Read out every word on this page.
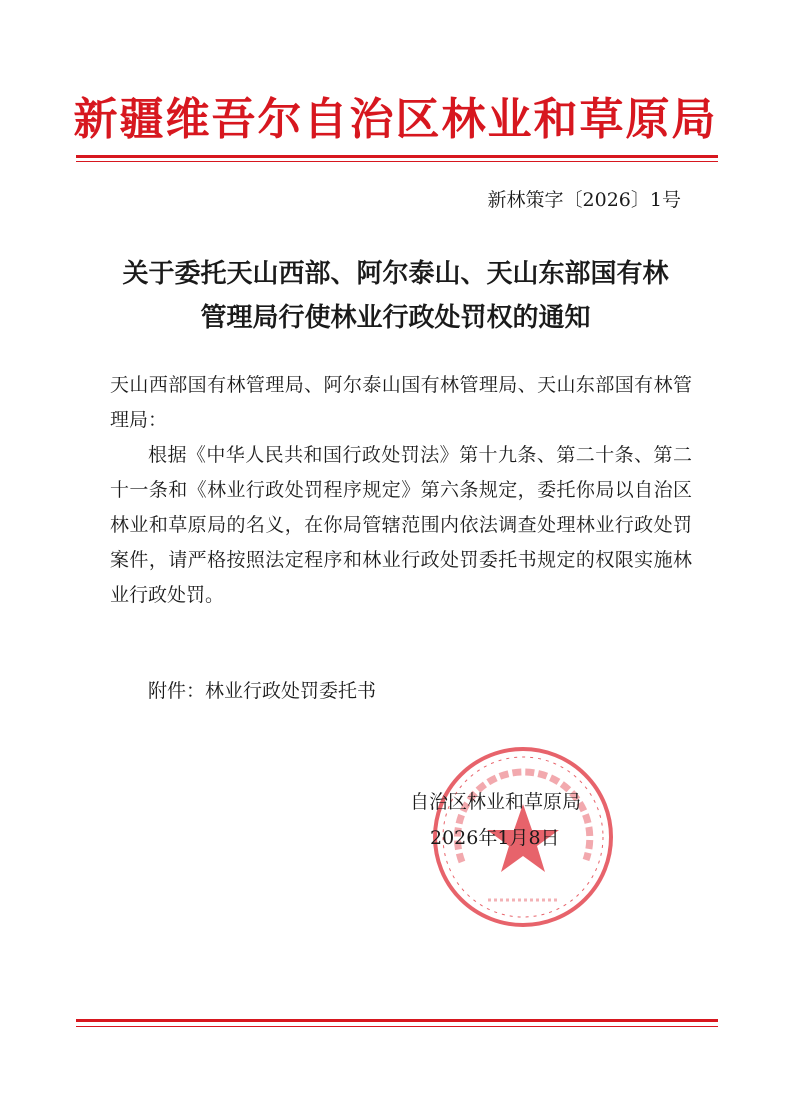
新疆维吾尔自治区林业和草原局
新林策字〔2026〕1号
关于委托天山西部、阿尔泰山、天山东部国有林
管理局行使林业行政处罚权的通知

天山西部国有林管理局、阿尔泰山国有林管理局、天山东部国有林管理局：

根据《中华人民共和国行政处罚法》第十九条、第二十条、第二十一条和《林业行政处罚程序规定》第六条规定，委托你局以自治区林业和草原局的名义，在你局管辖范围内依法调查处理林业行政处罚案件，请严格按照法定程序和林业行政处罚委托书规定的权限实施林业行政处罚。

附件：林业行政处罚委托书
自治区林业和草原局
2026年1月8日
